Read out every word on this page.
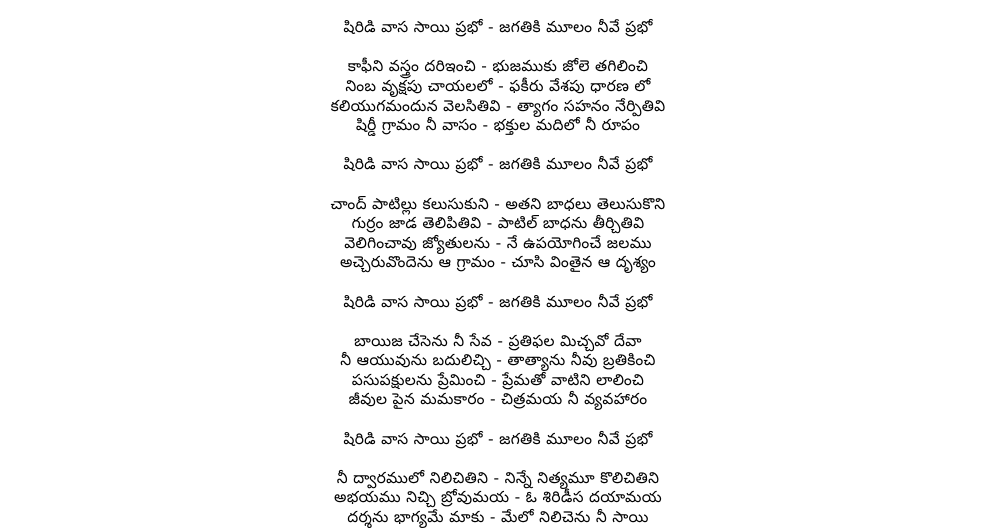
షిరిడి వాస సాయి ప్రభో - జగతికి మూలం నీవే ప్రభో
కాఫీని వస్త్రం దరిఇంచి - భుజముకు జోలె తగిలించి
నింబ వృక్షపు చాయలలో - ఫకీరు వేశపు ధారణ లో
కలియుగమందున వెలసితివి - త్యాగం సహనం నేర్పితివి
షిర్డీ గ్రామం నీ వాసం - భక్తుల మదిలో నీ రూపం
షిరిడి వాస సాయి ప్రభో - జగతికి మూలం నీవే ప్రభో
చాంద్ పాటిల్లు కలుసుకుని - అతని బాధలు తెలుసుకొని
గుర్రం జాడ తెలిపితివి - పాటిల్ బాధను తీర్చితివి
వెలిగించావు జ్యోతులను - నే ఉపయోగించే జలము
అచ్చెరువొందెను ఆ గ్రామం - చూసి వింతైన ఆ దృశ్యం
షిరిడి వాస సాయి ప్రభో - జగతికి మూలం నీవే ప్రభో
బాయిజ చేసెను నీ సేవ - ప్రతిఫల మిచ్చవో దేవా
నీ ఆయువును బదులిచ్చి - తాత్యాను నీవు బ్రతికించి
పసుపక్షులను ప్రేమించి - ప్రేమతో వాటిని లాలించి
జీవుల పైన మమకారం - చిత్రమయ నీ వ్యవహారం
షిరిడి వాస సాయి ప్రభో - జగతికి మూలం నీవే ప్రభో
నీ ద్వారములో నిలిచితిని - నిన్నే నిత్యమూ కొలిచితిని
అభయము నిచ్చి బ్రోవుమయ - ఓ శిరిడీస దయామయ
దర్శను భాగ్యమే మాకు - మేలో నిలిచెను నీ సాయి
